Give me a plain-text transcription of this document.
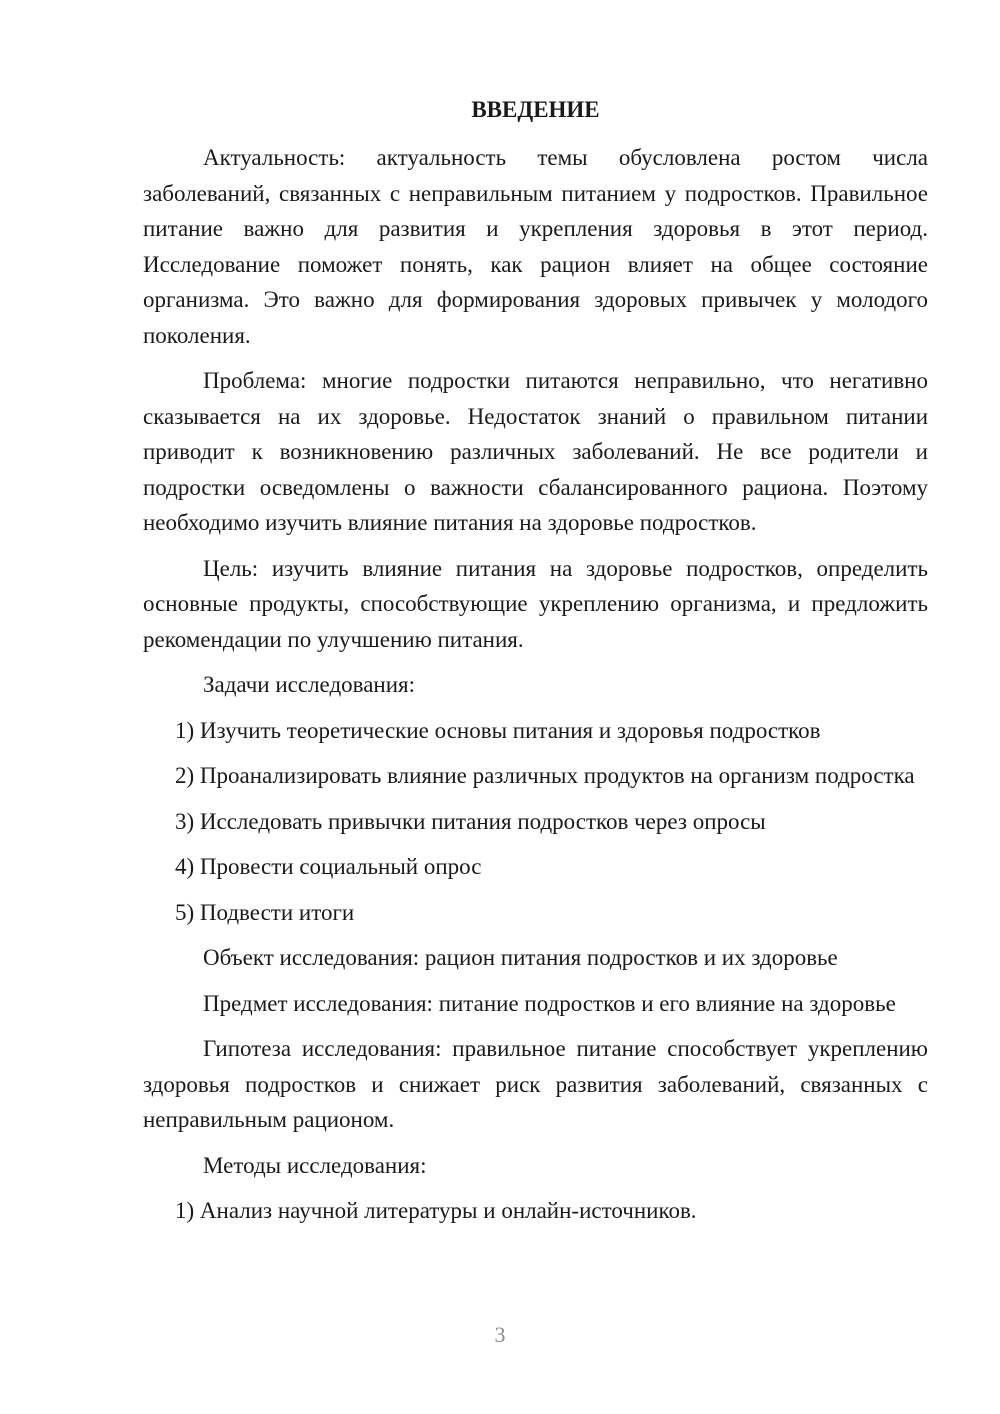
ВВЕДЕНИЕ

Актуальность: актуальность темы обусловлена ростом числа заболеваний, связанных с неправильным питанием у подростков. Правильное питание важно для развития и укрепления здоровья в этот период. Исследование поможет понять, как рацион влияет на общее состояние организма. Это важно для формирования здоровых привычек у молодого поколения.

Проблема: многие подростки питаются неправильно, что негативно сказывается на их здоровье. Недостаток знаний о правильном питании приводит к возникновению различных заболеваний. Не все родители и подростки осведомлены о важности сбалансированного рациона. Поэтому необходимо изучить влияние питания на здоровье подростков.

Цель: изучить влияние питания на здоровье подростков, определить основные продукты, способствующие укреплению организма, и предложить рекомендации по улучшению питания.

Задачи исследования:

1) Изучить теоретические основы питания и здоровья подростков

2) Проанализировать влияние различных продуктов на организм подростка

3) Исследовать привычки питания подростков через опросы

4) Провести социальный опрос

5) Подвести итоги

Объект исследования: рацион питания подростков и их здоровье

Предмет исследования: питание подростков и его влияние на здоровье

Гипотеза исследования: правильное питание способствует укреплению здоровья подростков и снижает риск развития заболеваний, связанных с неправильным рационом.

Методы исследования:

1) Анализ научной литературы и онлайн-источников.

3
